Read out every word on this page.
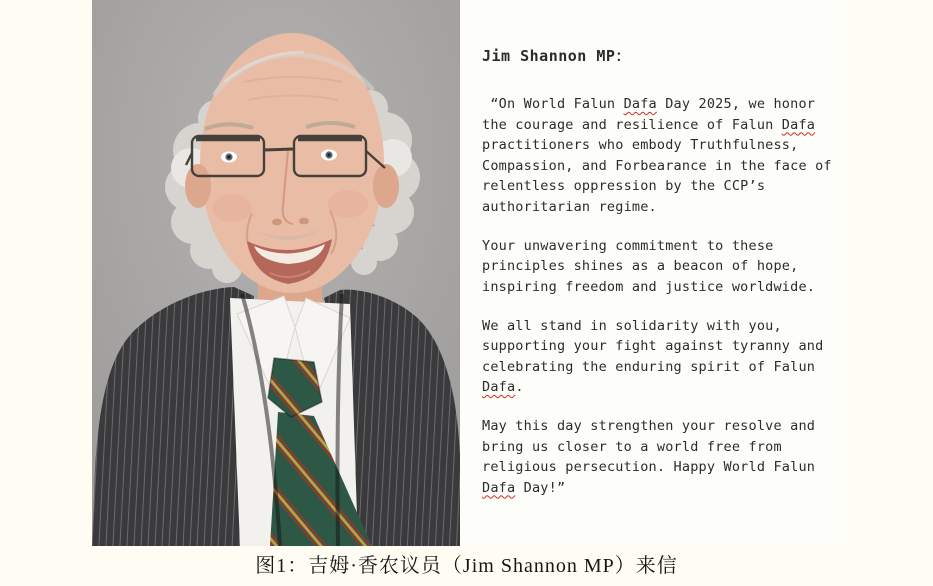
Jim Shannon MP：
“On World Falun Dafa Day 2025, we honor
the courage and resilience of Falun Dafa
practitioners who embody Truthfulness,
Compassion, and Forbearance in the face of
relentless oppression by the CCP’s
authoritarian regime.
Your unwavering commitment to these
principles shines as a beacon of hope,
inspiring freedom and justice worldwide.
We all stand in solidarity with you,
supporting your fight against tyranny and
celebrating the enduring spirit of Falun
Dafa.
May this day strengthen your resolve and
bring us closer to a world free from
religious persecution. Happy World Falun
Dafa Day!”
图1：吉姆·香农议员（Jim Shannon MP）来信
